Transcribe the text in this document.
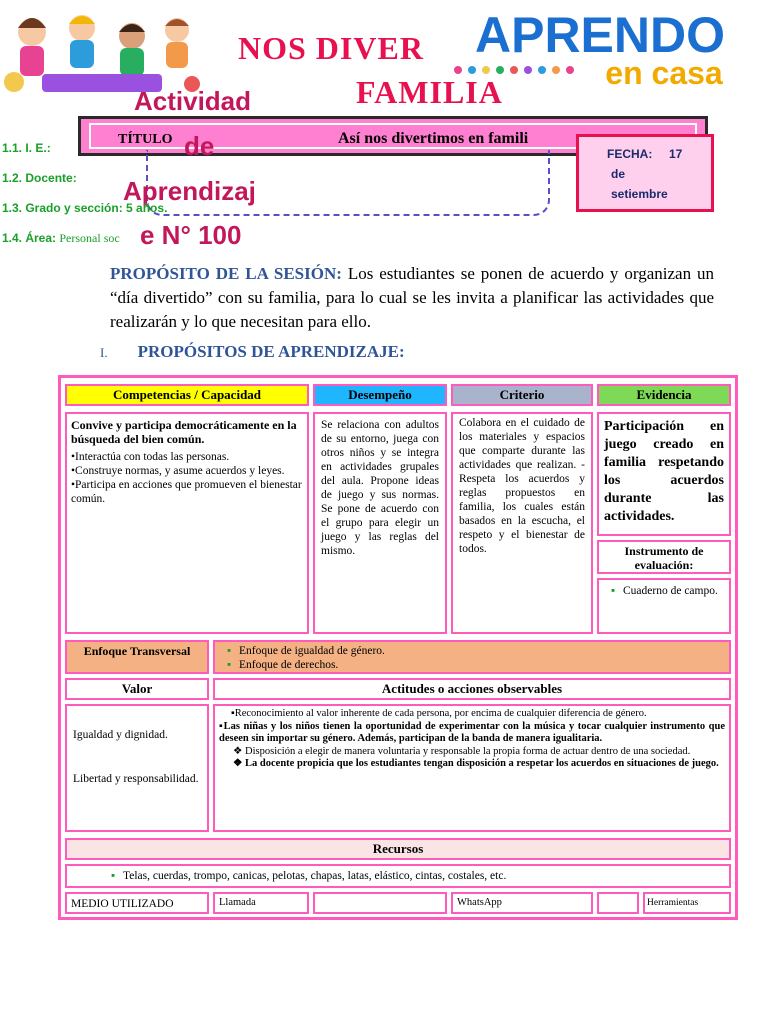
NOS DIVER
FAMILIA
APRENDO
en casa
TÍTULO	Así nos divertimos en famili
Actividad
de
Aprendizaj
e N° 100
FECHA: 17
de
setiembre
1.1. I. E.:
1.2. Docente:
1.3. Grado y sección: 5 años.
1.4. Área: Personal soc
PROPÓSITO DE LA SESIÓN: Los estudiantes se ponen de acuerdo y organizan un “día divertido” con su familia, para lo cual se les invita a planificar las actividades que realizarán y lo que necesitan para ello.
I. PROPÓSITOS DE APRENDIZAJE:
Competencias / Capacidad	Desempeño	Criterio	Evidencia
Convive y participa democráticamente en la búsqueda del bien común.
•Interactúa con todas las personas.
•Construye normas, y asume acuerdos y leyes.
•Participa en acciones que promueven el bienestar común.
Se relaciona con adultos de su entorno, juega con otros niños y se integra en actividades grupales del aula. Propone ideas de juego y sus normas. Se pone de acuerdo con el grupo para elegir un juego y las reglas del mismo.
Colabora en el cuidado de los materiales y espacios que comparte durante las actividades que realizan. -Respeta los acuerdos y reglas propuestos en familia, los cuales están basados en la escucha, el respeto y el bienestar de todos.
Participación en juego creado en familia respetando los acuerdos durante las actividades.
Instrumento de evaluación:
▪ Cuaderno de campo.
Enfoque Transversal
▪	Enfoque de igualdad de género.
▪ Enfoque de derechos.
Valor	Actitudes o acciones observables
Igualdad y dignidad.
Libertad y responsabilidad.
▪Reconocimiento al valor inherente de cada persona, por encima de cualquier diferencia de género.
▪Las niñas y los niños tienen la oportunidad de experimentar con la música y tocar cualquier instrumento que deseen sin importar su género. Además, participan de la banda de manera igualitaria.
❖ Disposición a elegir de manera voluntaria y responsable la propia forma de actuar dentro de una sociedad.
❖ La docente propicia que los estudiantes tengan disposición a respetar los acuerdos en situaciones de juego.
Recursos
▪ Telas, cuerdas, trompo, canicas, pelotas, chapas, latas, elástico, cintas, costales, etc.
MEDIO UTILIZADO	Llamada	WhatsApp	Herramientas
